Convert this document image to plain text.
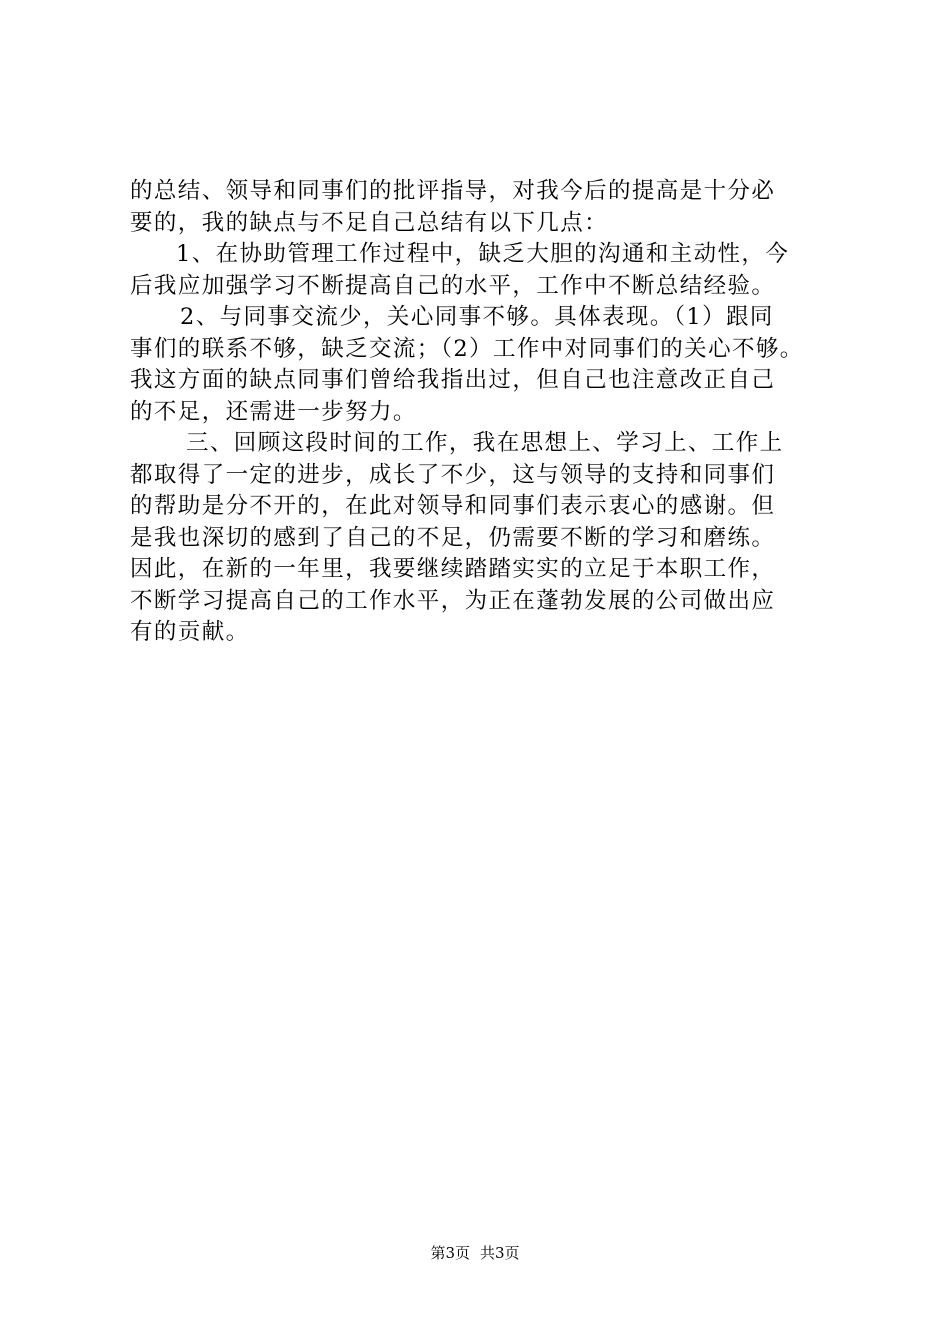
的总结、领导和同事们的批评指导，对我今后的提高是十分必
要的，我的缺点与不足自己总结有以下几点：
1、在协助管理工作过程中，缺乏大胆的沟通和主动性，今
后我应加强学习不断提高自己的水平，工作中不断总结经验。
2、与同事交流少，关心同事不够。具体表现。（1）跟同
事们的联系不够，缺乏交流；（2）工作中对同事们的关心不够。
我这方面的缺点同事们曾给我指出过，但自己也注意改正自己
的不足，还需进一步努力。
三、回顾这段时间的工作，我在思想上、学习上、工作上
都取得了一定的进步，成长了不少，这与领导的支持和同事们
的帮助是分不开的，在此对领导和同事们表示衷心的感谢。但
是我也深切的感到了自己的不足，仍需要不断的学习和磨练。
因此，在新的一年里，我要继续踏踏实实的立足于本职工作，
不断学习提高自己的工作水平，为正在蓬勃发展的公司做出应
有的贡献。
第3页 共3页
